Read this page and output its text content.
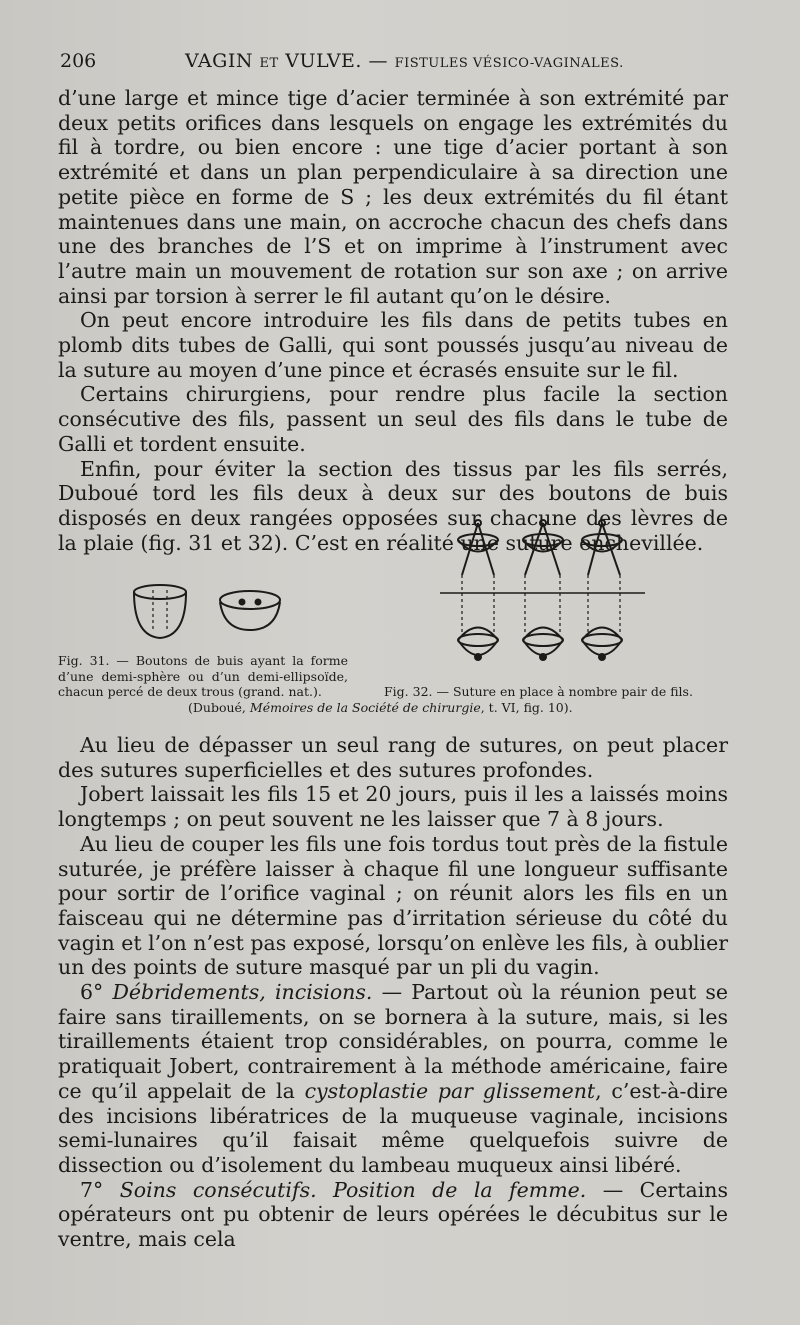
206	VAGIN ET VULVE. — FISTULES VÉSICO-VAGINALES.

d’une large et mince tige d’acier terminée à son extrémité par deux petits orifices dans lesquels on engage les extrémités du fil à tordre, ou bien encore : une tige d’acier portant à son extrémité et dans un plan perpendiculaire à sa direction une petite pièce en forme de S ; les deux extrémités du fil étant maintenues dans une main, on accroche chacun des chefs dans une des branches de l’S et on imprime à l’instrument avec l’autre main un mouvement de rotation sur son axe ; on arrive ainsi par torsion à serrer le fil autant qu’on le désire.

On peut encore introduire les fils dans de petits tubes en plomb dits tubes de Galli, qui sont poussés jusqu’au niveau de la suture au moyen d’une pince et écrasés ensuite sur le fil.

Certains chirurgiens, pour rendre plus facile la section consécutive des fils, passent un seul des fils dans le tube de Galli et tordent ensuite.

Enfin, pour éviter la section des tissus par les fils serrés, Duboué tord les fils deux à deux sur des boutons de buis disposés en deux rangées opposées sur chacune des lèvres de la plaie (fig. 31 et 32). C’est en réalité une suture enchevillée.

Fig. 31. — Boutons de buis ayant la forme d’une demi-sphère ou d’un demi-ellipsoïde, chacun percé de deux trous (grand. nat.).	Fig. 32. — Suture en place à nombre pair de fils.

(Duboué, Mémoires de la Société de chirurgie, t. VI, fig. 10).

Au lieu de dépasser un seul rang de sutures, on peut placer des sutures superficielles et des sutures profondes.

Jobert laissait les fils 15 et 20 jours, puis il les a laissés moins longtemps ; on peut souvent ne les laisser que 7 à 8 jours.

Au lieu de couper les fils une fois tordus tout près de la fistule suturée, je préfère laisser à chaque fil une longueur suffisante pour sortir de l’orifice vaginal ; on réunit alors les fils en un faisceau qui ne détermine pas d’irritation sérieuse du côté du vagin et l’on n’est pas exposé, lorsqu’on enlève les fils, à oublier un des points de suture masqué par un pli du vagin.

6° Débridements, incisions. — Partout où la réunion peut se faire sans tiraillements, on se bornera à la suture, mais, si les tiraillements étaient trop considérables, on pourra, comme le pratiquait Jobert, contrairement à la méthode américaine, faire ce qu’il appelait de la cystoplastie par glissement, c’est-à-dire des incisions libératrices de la muqueuse vaginale, incisions semi-lunaires qu’il faisait même quelquefois suivre de dissection ou d’isolement du lambeau muqueux ainsi libéré.

7° Soins consécutifs. Position de la femme. — Certains opérateurs ont pu obtenir de leurs opérées le décubitus sur le ventre, mais cela
